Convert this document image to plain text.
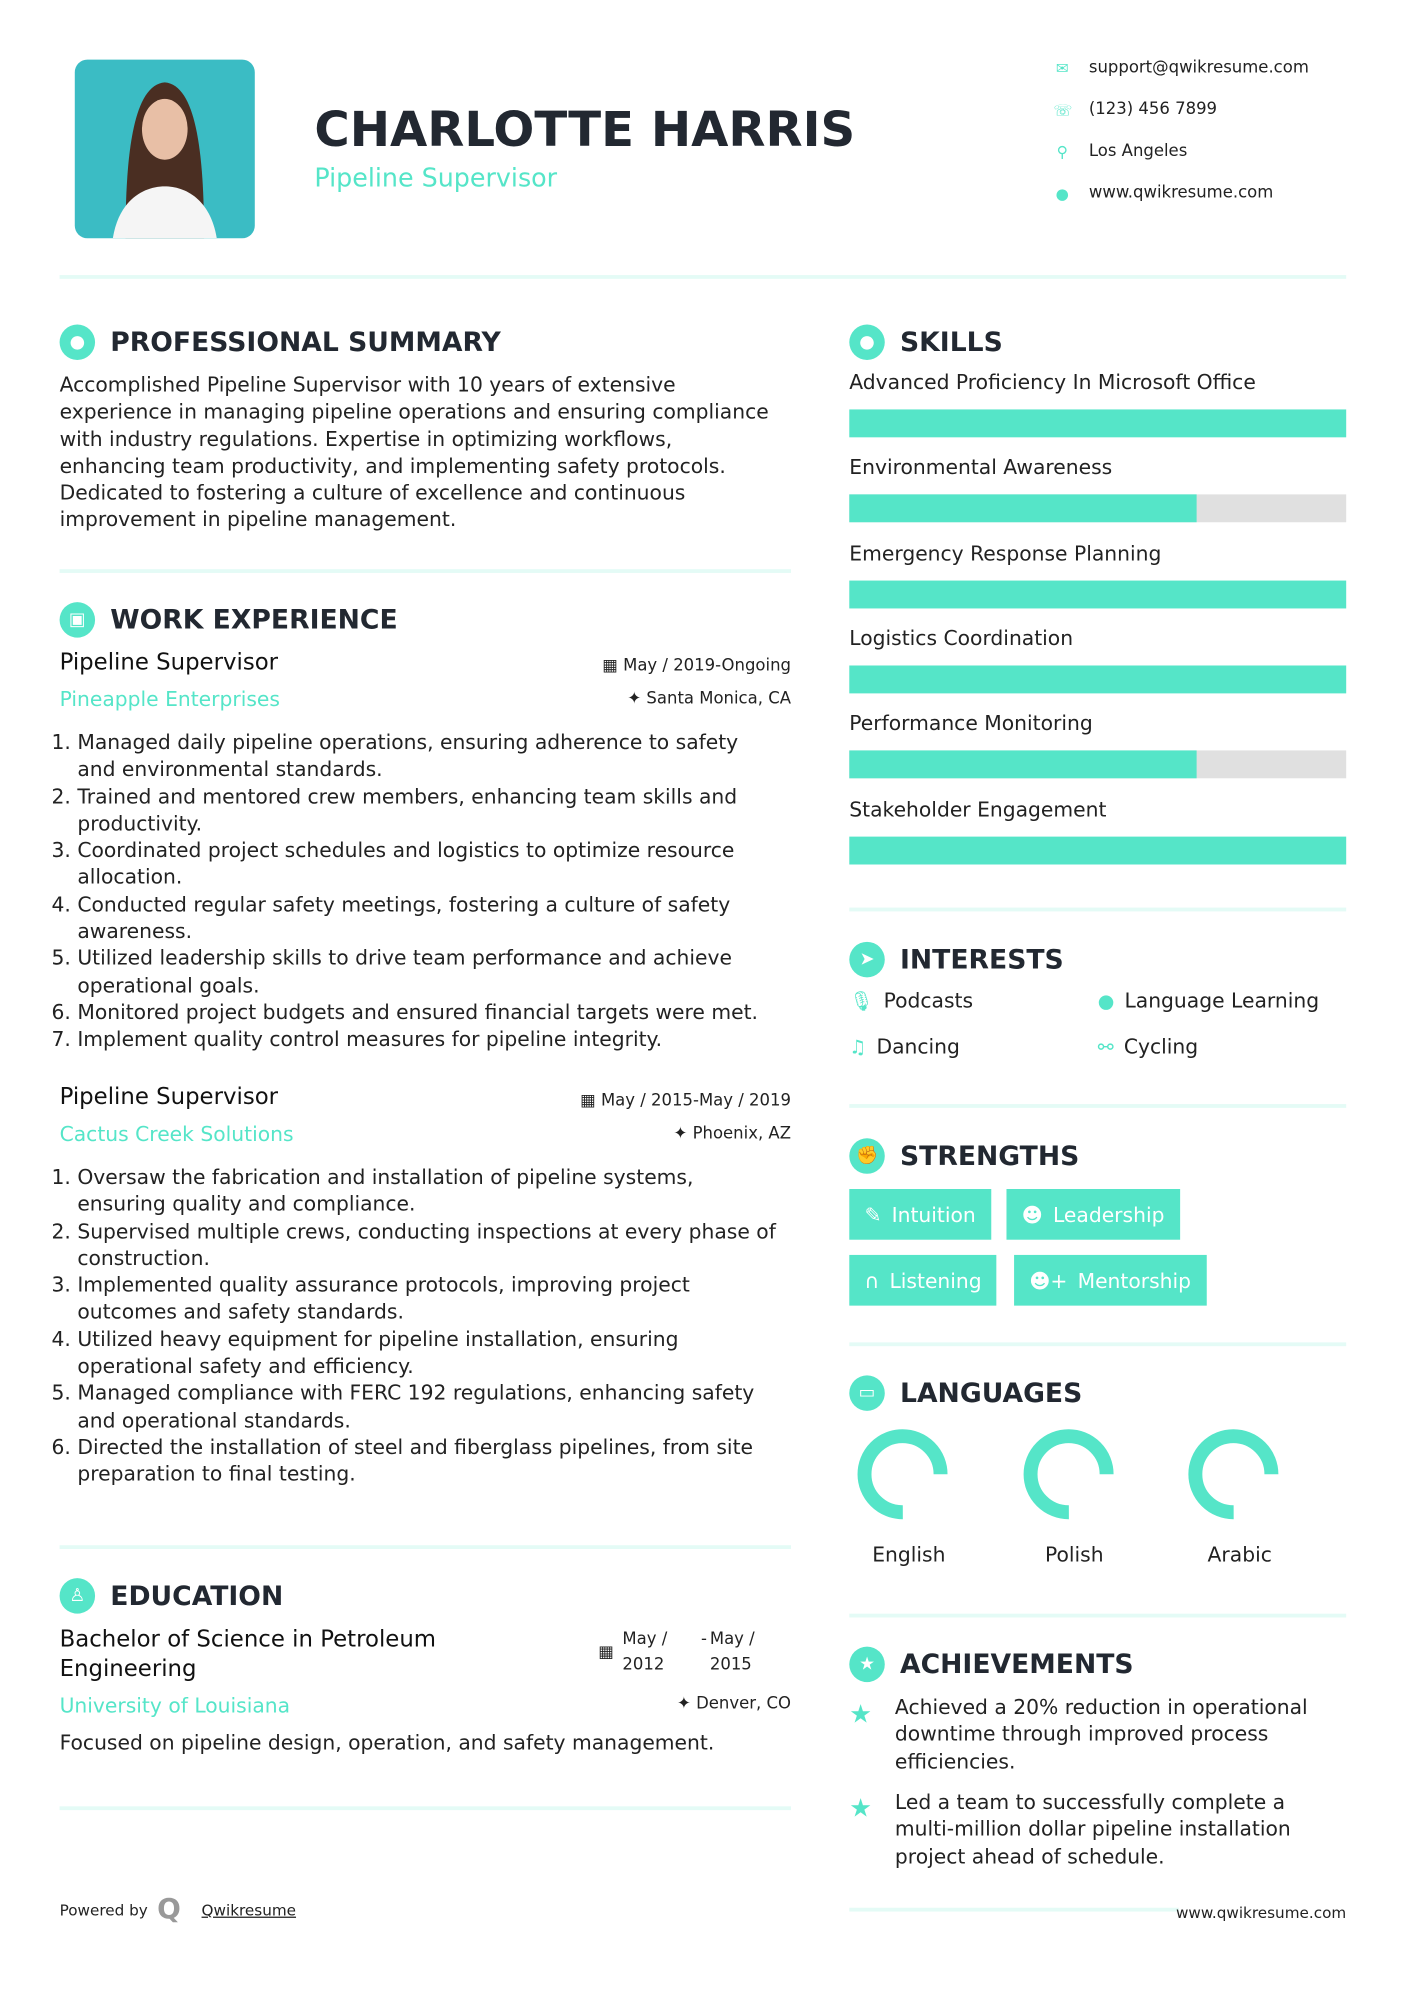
CHARLOTTE HARRIS
Pipeline Supervisor
✉ support@qwikresume.com
☏ (123) 456 7899
⚲ Los Angeles
● www.qwikresume.com
●	PROFESSIONAL SUMMARY
Accomplished Pipeline Supervisor with 10 years of extensive experience in managing pipeline operations and ensuring compliance with industry regulations. Expertise in optimizing workflows, enhancing team productivity, and implementing safety protocols. Dedicated to fostering a culture of excellence and continuous improvement in pipeline management.
▣	WORK EXPERIENCE
Pipeline Supervisor	▦ May / 2019-Ongoing
Pineapple Enterprises	✦ Santa Monica, CA
1. Managed daily pipeline operations, ensuring adherence to safety and environmental standards.
2. Trained and mentored crew members, enhancing team skills and productivity.
3. Coordinated project schedules and logistics to optimize resource allocation.
4. Conducted regular safety meetings, fostering a culture of safety awareness.
5. Utilized leadership skills to drive team performance and achieve operational goals.
6. Monitored project budgets and ensured financial targets were met.
7. Implement quality control measures for pipeline integrity.
Pipeline Supervisor	▦ May / 2015-May / 2019
Cactus Creek Solutions	✦ Phoenix, AZ
1. Oversaw the fabrication and installation of pipeline systems, ensuring quality and compliance.
2. Supervised multiple crews, conducting inspections at every phase of construction.
3. Implemented quality assurance protocols, improving project outcomes and safety standards.
4. Utilized heavy equipment for pipeline installation, ensuring operational safety and efficiency.
5. Managed compliance with FERC 192 regulations, enhancing safety and operational standards.
6. Directed the installation of steel and fiberglass pipelines, from site preparation to final testing.
♙	EDUCATION
Bachelor of Science in Petroleum Engineering
▦
May / 2012
- May / 2015
University of Louisiana	✦ Denver, CO
Focused on pipeline design, operation, and safety management.
Powered by Q Qwikresume
●	SKILLS
Advanced Proficiency In Microsoft Office
Environmental Awareness
Emergency Response Planning
Logistics Coordination
Performance Monitoring
Stakeholder Engagement
➤	INTERESTS
🎙 Podcasts	● Language Learning
♫ Dancing	⚯ Cycling
✊	STRENGTHS
✎ Intuition	☻ Leadership
∩ Listening	☻+ Mentorship
▭	LANGUAGES
English	Polish	Arabic
★	ACHIEVEMENTS
★ Achieved a 20% reduction in operational downtime through improved process efficiencies.
★ Led a team to successfully complete a multi-million dollar pipeline installation project ahead of schedule.
www.qwikresume.com
